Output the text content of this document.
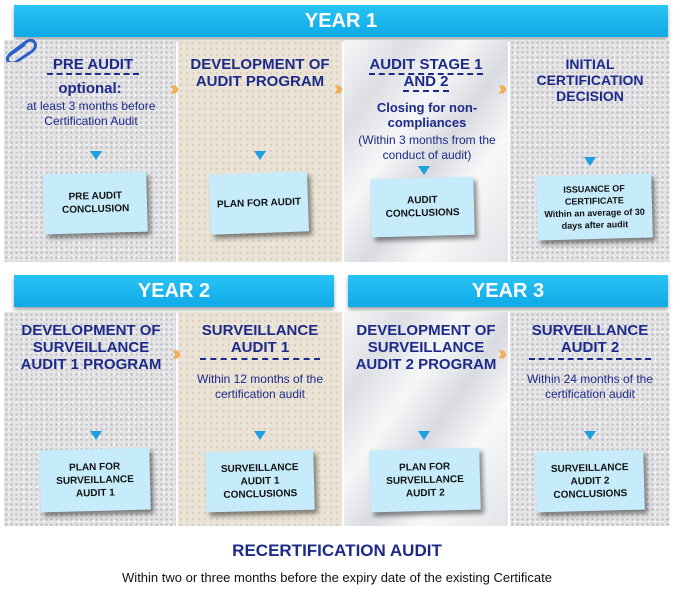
YEAR 1
PRE AUDIT
optional:
at least 3 months before Certification Audit
PRE AUDIT CONCLUSION
››	››	››
DEVELOPMENT OF AUDIT PROGRAM
PLAN FOR AUDIT
AUDIT STAGE 1 AND 2
Closing for non- compliances
(Within 3 months from the conduct of audit)
AUDIT CONCLUSIONS
INITIAL CERTIFICATION DECISION
ISSUANCE OF CERTIFICATE
Within an average of 30 days after audit
YEAR 2
DEVELOPMENT OF SURVEILLANCE AUDIT 1 PROGRAM ››
SURVEILLANCE AUDIT 1
Within 12 months of the certification audit
PLAN FOR SURVEILLANCE AUDIT 1
SURVEILLANCE AUDIT 1 CONCLUSIONS
YEAR 3
DEVELOPMENT OF SURVEILLANCE AUDIT 2 PROGRAM ››
SURVEILLANCE AUDIT 2
Within 24 months of the certification audit
PLAN FOR SURVEILLANCE AUDIT 2
SURVEILLANCE AUDIT 2 CONCLUSIONS
RECERTIFICATION AUDIT
Within two or three months before the expiry date of the existing Certificate
